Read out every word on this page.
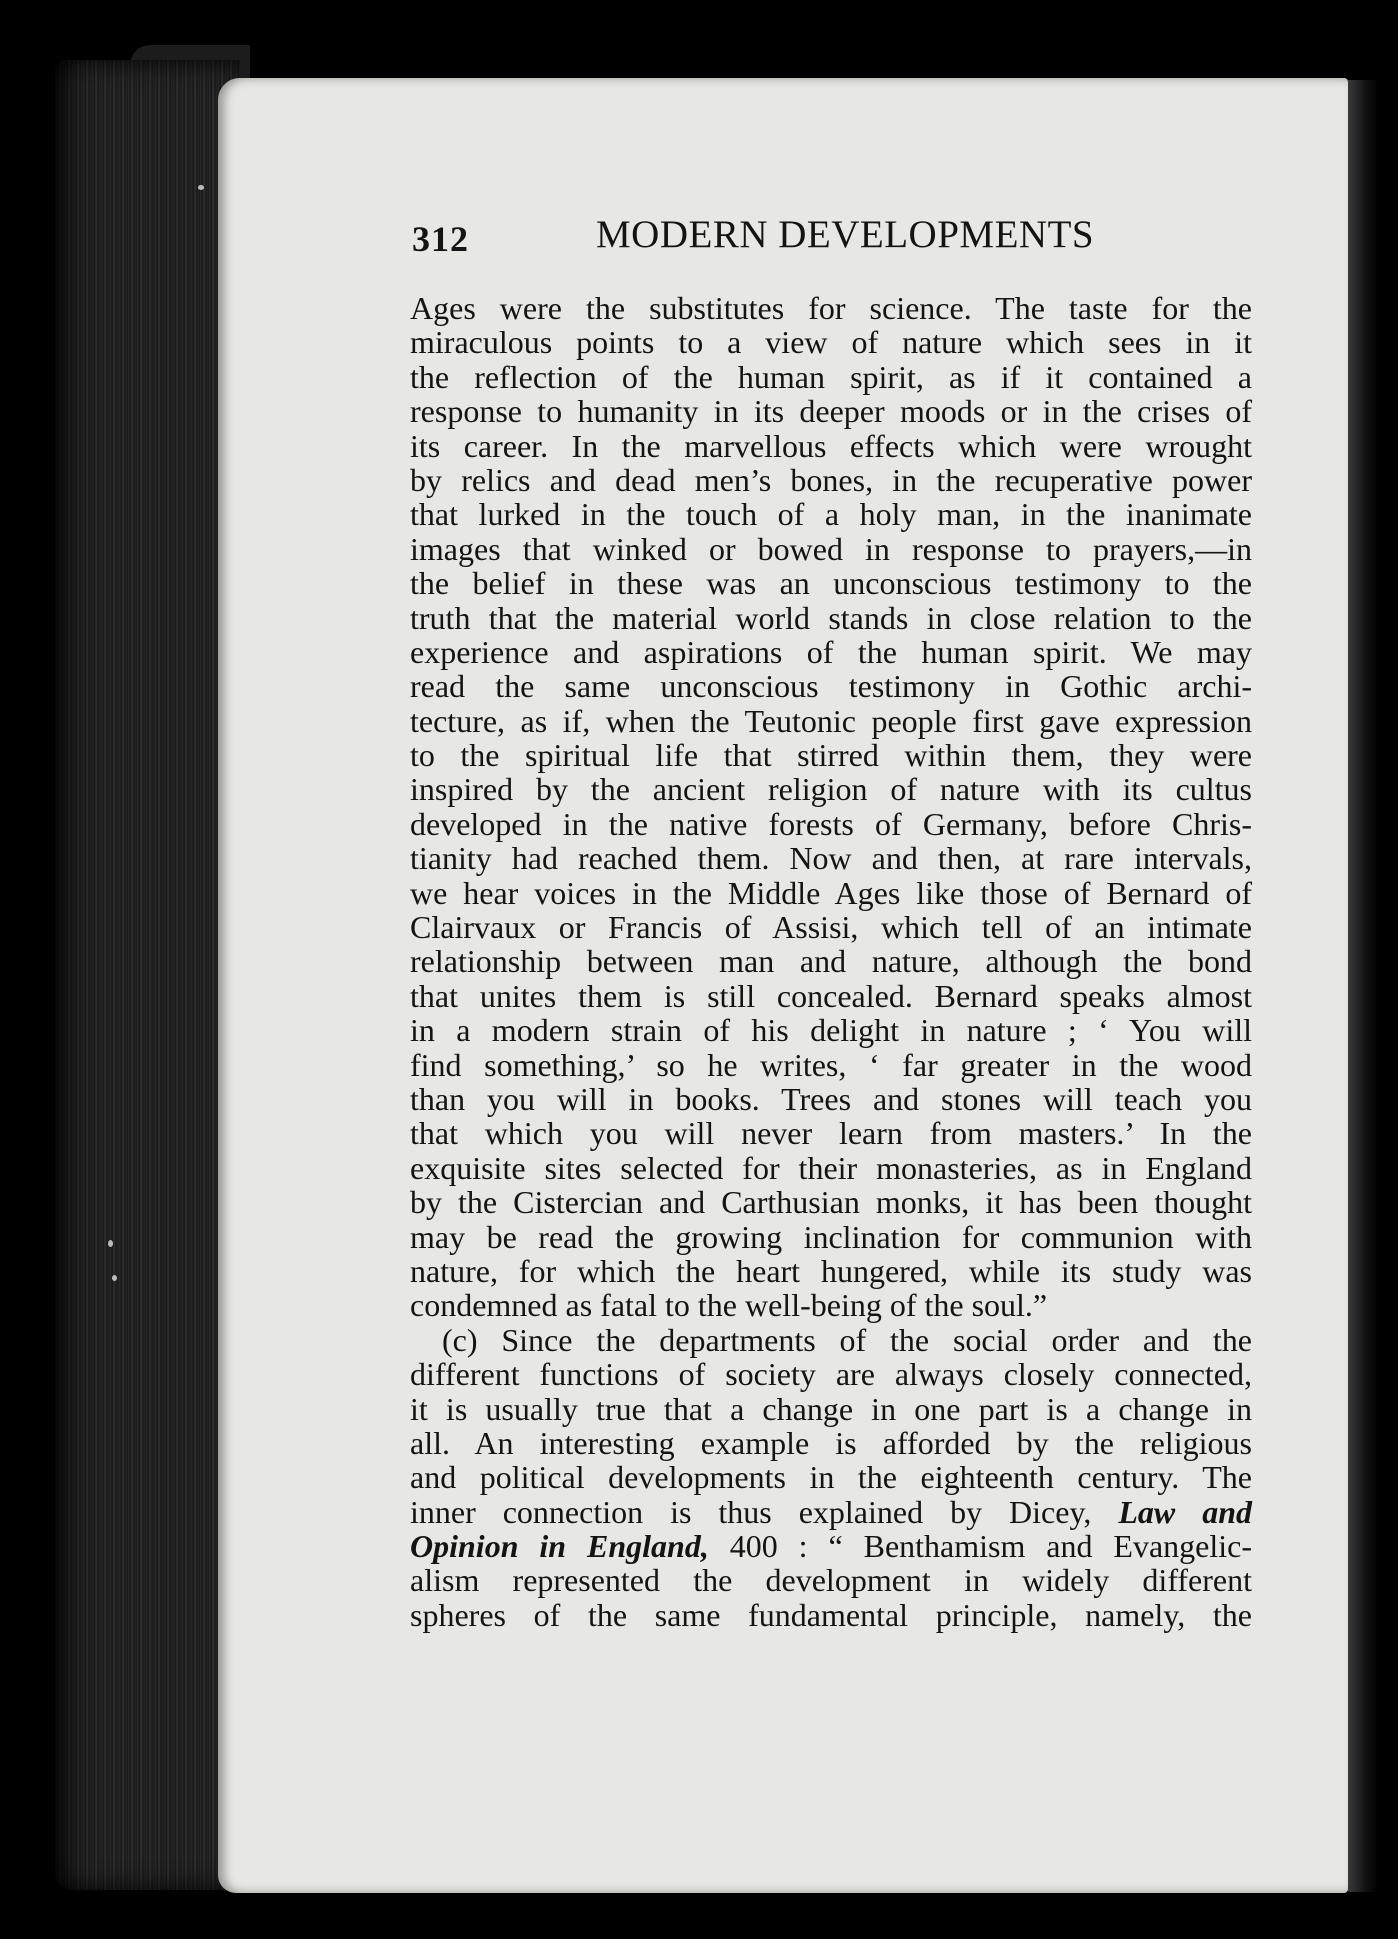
312	MODERN DEVELOPMENTS
Ages were the substitutes for science. The taste for the
miraculous points to a view of nature which sees in it
the reflection of the human spirit, as if it contained a
response to humanity in its deeper moods or in the crises of
its career. In the marvellous effects which were wrought
by relics and dead men’s bones, in the recuperative power
that lurked in the touch of a holy man, in the inanimate
images that winked or bowed in response to prayers,—in
the belief in these was an unconscious testimony to the
truth that the material world stands in close relation to the
experience and aspirations of the human spirit. We may
read the same unconscious testimony in Gothic archi-
tecture, as if, when the Teutonic people first gave expression
to the spiritual life that stirred within them, they were
inspired by the ancient religion of nature with its cultus
developed in the native forests of Germany, before Chris-
tianity had reached them. Now and then, at rare intervals,
we hear voices in the Middle Ages like those of Bernard of
Clairvaux or Francis of Assisi, which tell of an intimate
relationship between man and nature, although the bond
that unites them is still concealed. Bernard speaks almost
in a modern strain of his delight in nature ; ‘ You will
find something,’ so he writes, ‘ far greater in the wood
than you will in books. Trees and stones will teach you
that which you will never learn from masters.’ In the
exquisite sites selected for their monasteries, as in England
by the Cistercian and Carthusian monks, it has been thought
may be read the growing inclination for communion with
nature, for which the heart hungered, while its study was
condemned as fatal to the well-being of the soul.”
(c) Since the departments of the social order and the
different functions of society are always closely connected,
it is usually true that a change in one part is a change in
all. An interesting example is afforded by the religious
and political developments in the eighteenth century. The
inner connection is thus explained by Dicey, Law and
Opinion in England, 400 : “ Benthamism and Evangelic-
alism represented the development in widely different
spheres of the same fundamental principle, namely, the
